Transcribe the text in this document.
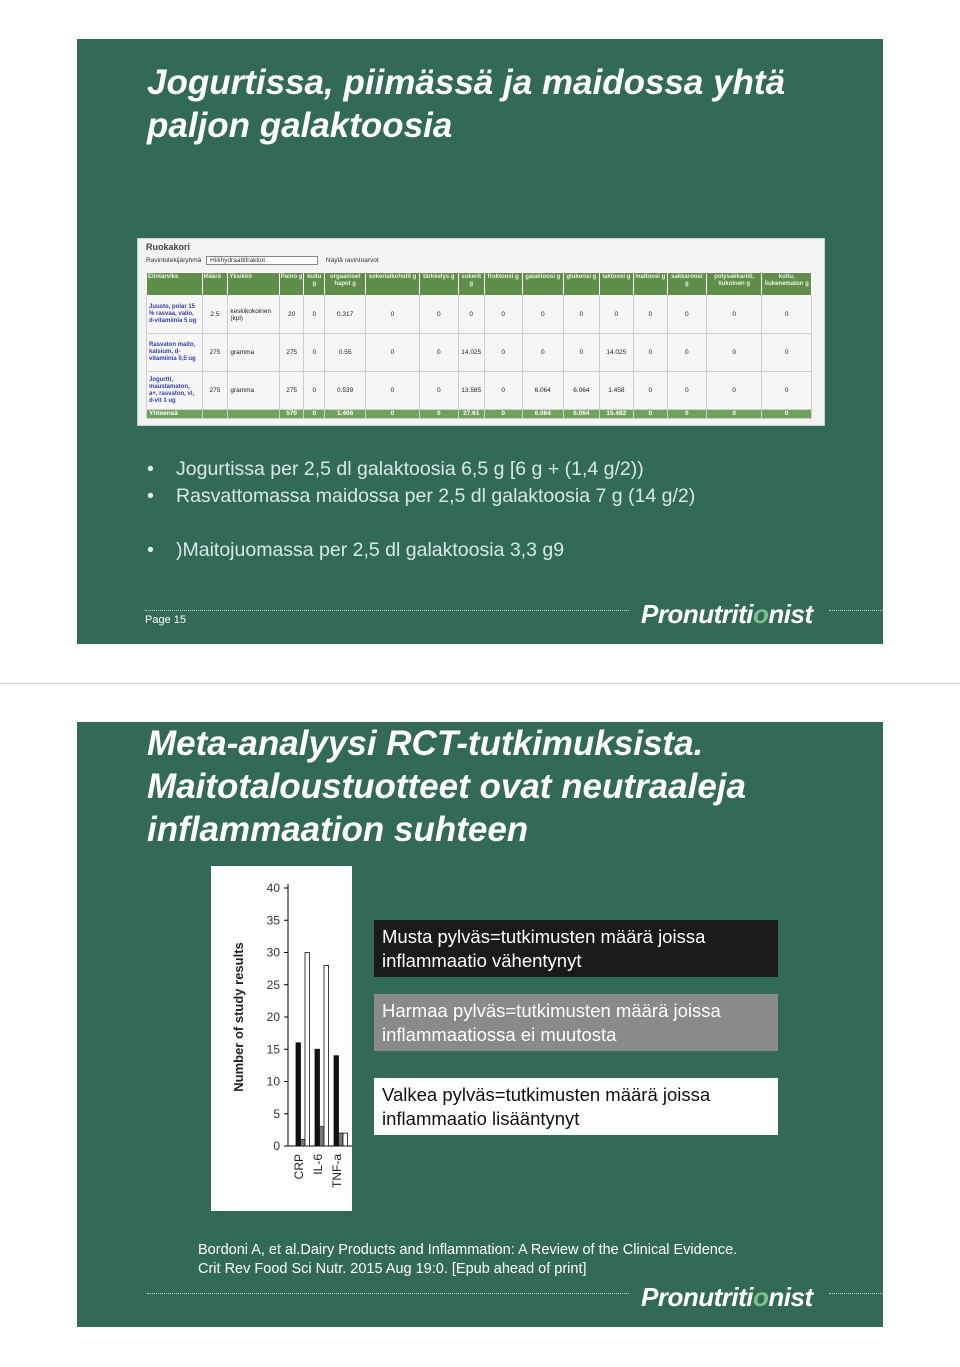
Jogurtissa, piimässä ja maidossa yhtä paljon galaktoosia
Ruokakori
Ravintotekijäryhmä Hiilihydraattifraktiot	Näytä ravintoarvot
Elintarvike	Määrä	Yksikkö	Paino g	kuitu g	orgaaniset hapot g	sokerialkoholit g	tärkkelys g	sokerit g	fruktoosi g	galaktoosi g	glukoosi g	laktoosi g	maltoosi g	sakkaroosi g	polysakkaridi, liukoinen g	kuitu, liukenematon g
Juusto, polar 15 % rasvaa, valio, d-vitamiinia 5 ug	2.5	keskikokoinen (kpl)	20	0	0.317	0	0	0	0	0	0	0	0	0	0	0
Rasvaton maito, kalsium, d-vitamiinia 0,5 ug	275	gramma	275	0	0.55	0	0	14.025	0	0	0	14.025	0	0	0	0
Jogurtti, maustamaton, a+, rasvaton, vl, d-vit 1 ug	275	gramma	275	0	0.539	0	0	13.585	0	6.064	6.064	1.458	0	0	0	0
Yhteensä			570	0	1.406	0	0	27.61	0	6.064	6.064	15.482	0	0	0	0
• Jogurtissa per 2,5 dl galaktoosia 6,5 g [6 g + (1,4 g/2))
• Rasvattomassa maidossa per 2,5 dl galaktoosia 7 g (14 g/2)
• )Maitojuomassa per 2,5 dl galaktoosia 3,3 g9
Page 15	Pronutritionist
Meta-analyysi RCT-tutkimuksista. Maitotaloustuotteet ovat neutraaleja inflammaation suhteen
0
5
10
15
20
25
30
35
40
Number of study results
CRP IL-6 TNF-a
Musta pylväs=tutkimusten määrä joissa inflammaatio vähentynyt
Harmaa pylväs=tutkimusten määrä joissa inflammaatiossa ei muutosta
Valkea pylväs=tutkimusten määrä joissa inflammaatio lisääntynyt
Bordoni A, et al.Dairy Products and Inflammation: A Review of the Clinical Evidence.
Crit Rev Food Sci Nutr. 2015 Aug 19:0. [Epub ahead of print]
Pronutritionist
